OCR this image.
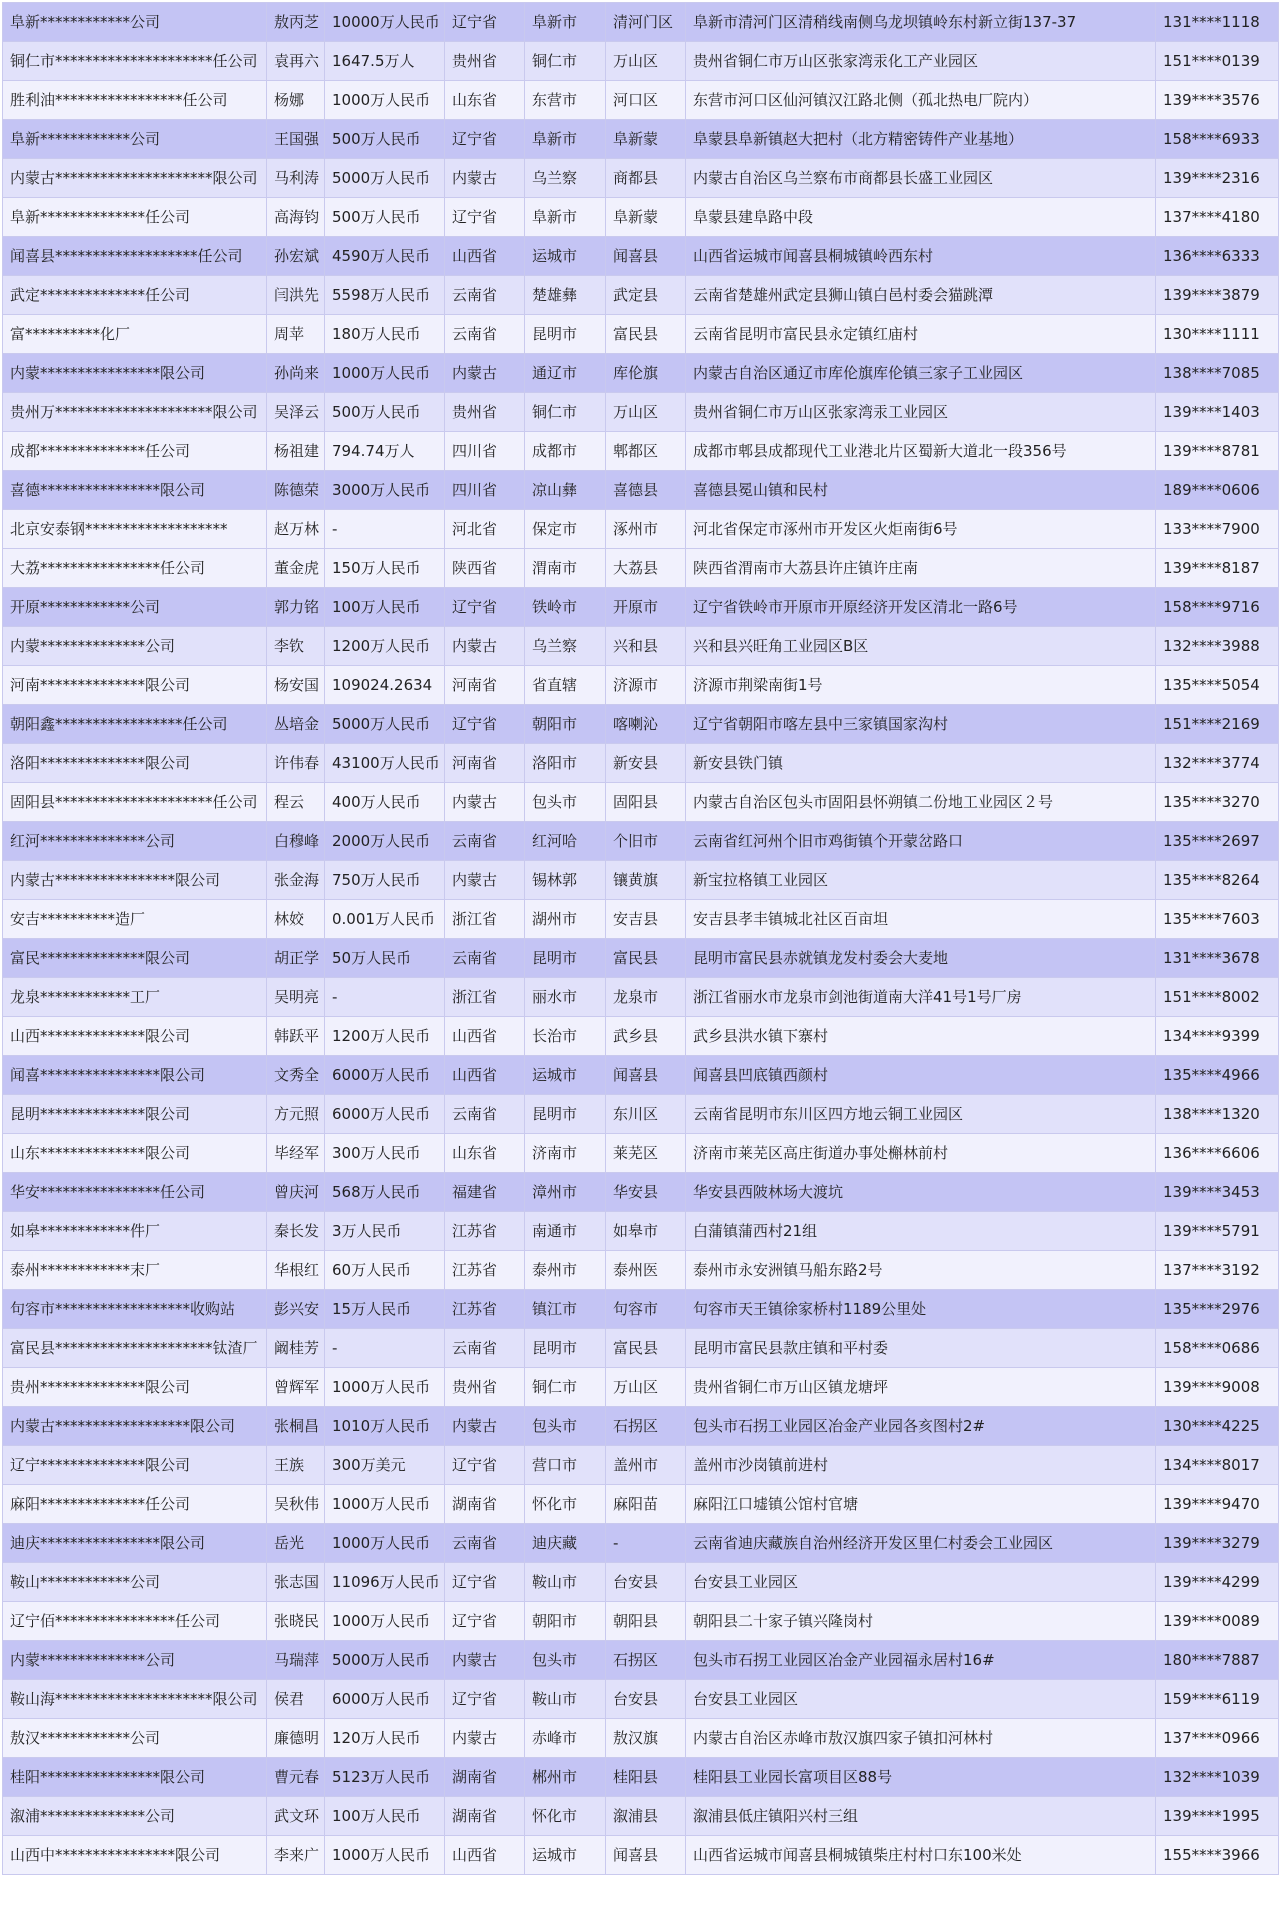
阜新************公司	敖丙芝	10000万人民币	辽宁省	阜新市	清河门区	阜新市清河门区清稍线南侧乌龙坝镇岭东村新立街137-37	131****1118
铜仁市*********************任公司	袁再六	1647.5万人	贵州省	铜仁市	万山区	贵州省铜仁市万山区张家湾汞化工产业园区	151****0139
胜利油*****************任公司	杨娜	1000万人民币	山东省	东营市	河口区	东营市河口区仙河镇汉江路北侧（孤北热电厂院内）	139****3576
阜新************公司	王国强	500万人民币	辽宁省	阜新市	阜新蒙	阜蒙县阜新镇赵大把村（北方精密铸件产业基地）	158****6933
内蒙古*********************限公司	马利涛	5000万人民币	内蒙古	乌兰察	商都县	内蒙古自治区乌兰察布市商都县长盛工业园区	139****2316
阜新**************任公司	高海钧	500万人民币	辽宁省	阜新市	阜新蒙	阜蒙县建阜路中段	137****4180
闻喜县*******************任公司	孙宏斌	4590万人民币	山西省	运城市	闻喜县	山西省运城市闻喜县桐城镇岭西东村	136****6333
武定**************任公司	闫洪先	5598万人民币	云南省	楚雄彝	武定县	云南省楚雄州武定县狮山镇白邑村委会猫跳潭	139****3879
富**********化厂	周苹	180万人民币	云南省	昆明市	富民县	云南省昆明市富民县永定镇红庙村	130****1111
内蒙****************限公司	孙尚来	1000万人民币	内蒙古	通辽市	库伦旗	内蒙古自治区通辽市库伦旗库伦镇三家子工业园区	138****7085
贵州万*********************限公司	吴泽云	500万人民币	贵州省	铜仁市	万山区	贵州省铜仁市万山区张家湾汞工业园区	139****1403
成都**************任公司	杨祖建	794.74万人	四川省	成都市	郫都区	成都市郫县成都现代工业港北片区蜀新大道北一段356号	139****8781
喜德****************限公司	陈德荣	3000万人民币	四川省	凉山彝	喜德县	喜德县冕山镇和民村	189****0606
北京安泰钢*******************	赵万林	-	河北省	保定市	涿州市	河北省保定市涿州市开发区火炬南街6号	133****7900
大荔****************任公司	董金虎	150万人民币	陕西省	渭南市	大荔县	陕西省渭南市大荔县许庄镇许庄南	139****8187
开原************公司	郭力铭	100万人民币	辽宁省	铁岭市	开原市	辽宁省铁岭市开原市开原经济开发区清北一路6号	158****9716
内蒙**************公司	李钦	1200万人民币	内蒙古	乌兰察	兴和县	兴和县兴旺角工业园区B区	132****3988
河南**************限公司	杨安国	109024.2634	河南省	省直辖	济源市	济源市荆梁南街1号	135****5054
朝阳鑫*****************任公司	丛培金	5000万人民币	辽宁省	朝阳市	喀喇沁	辽宁省朝阳市喀左县中三家镇国家沟村	151****2169
洛阳**************限公司	许伟春	43100万人民币	河南省	洛阳市	新安县	新安县铁门镇	132****3774
固阳县*********************任公司	程云	400万人民币	内蒙古	包头市	固阳县	内蒙古自治区包头市固阳县怀朔镇二份地工业园区２号	135****3270
红河**************公司	白穆峰	2000万人民币	云南省	红河哈	个旧市	云南省红河州个旧市鸡街镇个开蒙岔路口	135****2697
内蒙古****************限公司	张金海	750万人民币	内蒙古	锡林郭	镶黄旗	新宝拉格镇工业园区	135****8264
安吉**********造厂	林姣	0.001万人民币	浙江省	湖州市	安吉县	安吉县孝丰镇城北社区百亩坦	135****7603
富民**************限公司	胡正学	50万人民币	云南省	昆明市	富民县	昆明市富民县赤就镇龙发村委会大麦地	131****3678
龙泉************工厂	吴明亮	-	浙江省	丽水市	龙泉市	浙江省丽水市龙泉市剑池街道南大洋41号1号厂房	151****8002
山西**************限公司	韩跃平	1200万人民币	山西省	长治市	武乡县	武乡县洪水镇下寨村	134****9399
闻喜****************限公司	文秀全	6000万人民币	山西省	运城市	闻喜县	闻喜县凹底镇西颜村	135****4966
昆明**************限公司	方元照	6000万人民币	云南省	昆明市	东川区	云南省昆明市东川区四方地云铜工业园区	138****1320
山东**************限公司	毕经军	300万人民币	山东省	济南市	莱芜区	济南市莱芜区高庄街道办事处槲林前村	136****6606
华安****************任公司	曾庆河	568万人民币	福建省	漳州市	华安县	华安县西陂林场大渡坑	139****3453
如皋************件厂	秦长发	3万人民币	江苏省	南通市	如皋市	白蒲镇蒲西村21组	139****5791
泰州************末厂	华根红	60万人民币	江苏省	泰州市	泰州医	泰州市永安洲镇马船东路2号	137****3192
句容市******************收购站	彭兴安	15万人民币	江苏省	镇江市	句容市	句容市天王镇徐家桥村1189公里处	135****2976
富民县*********************钛渣厂	阚桂芳	-	云南省	昆明市	富民县	昆明市富民县款庄镇和平村委	158****0686
贵州**************限公司	曾辉军	1000万人民币	贵州省	铜仁市	万山区	贵州省铜仁市万山区镇龙塘坪	139****9008
内蒙古******************限公司	张桐昌	1010万人民币	内蒙古	包头市	石拐区	包头市石拐工业园区冶金产业园各亥图村2#	130****4225
辽宁**************限公司	王族	300万美元	辽宁省	营口市	盖州市	盖州市沙岗镇前进村	134****8017
麻阳**************任公司	吴秋伟	1000万人民币	湖南省	怀化市	麻阳苗	麻阳江口墟镇公馆村官塘	139****9470
迪庆****************限公司	岳光	1000万人民币	云南省	迪庆藏	-	云南省迪庆藏族自治州经济开发区里仁村委会工业园区	139****3279
鞍山************公司	张志国	11096万人民币	辽宁省	鞍山市	台安县	台安县工业园区	139****4299
辽宁佰****************任公司	张晓民	1000万人民币	辽宁省	朝阳市	朝阳县	朝阳县二十家子镇兴隆岗村	139****0089
内蒙**************公司	马瑞萍	5000万人民币	内蒙古	包头市	石拐区	包头市石拐工业园区冶金产业园福永居村16#	180****7887
鞍山海*********************限公司	侯君	6000万人民币	辽宁省	鞍山市	台安县	台安县工业园区	159****6119
敖汉************公司	廉德明	120万人民币	内蒙古	赤峰市	敖汉旗	内蒙古自治区赤峰市敖汉旗四家子镇扣河林村	137****0966
桂阳****************限公司	曹元春	5123万人民币	湖南省	郴州市	桂阳县	桂阳县工业园长富项目区88号	132****1039
溆浦**************公司	武文环	100万人民币	湖南省	怀化市	溆浦县	溆浦县低庄镇阳兴村三组	139****1995
山西中****************限公司	李来广	1000万人民币	山西省	运城市	闻喜县	山西省运城市闻喜县桐城镇柴庄村村口东100米处	155****3966
